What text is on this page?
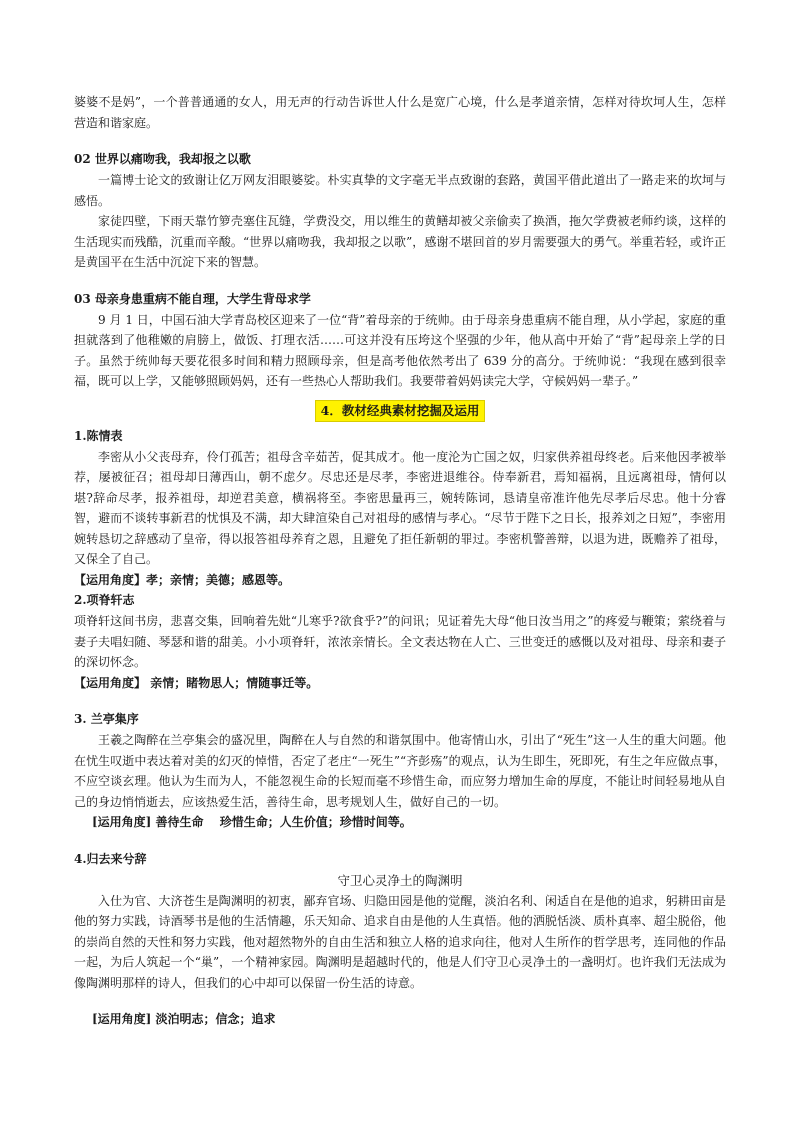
婆婆不是妈”，一个普普通通的女人，用无声的行动告诉世人什么是宽广心境，什么是孝道亲情，怎样对待坎坷人生，怎样营造和谐家庭。

02 世界以痛吻我，我却报之以歌

一篇博士论文的致谢让亿万网友泪眼婆娑。朴实真挚的文字毫无半点致谢的套路，黄国平借此道出了一路走来的坎坷与感悟。

家徒四壁，下雨天靠竹箩壳塞住瓦缝，学费没交，用以维生的黄鳝却被父亲偷卖了换酒，拖欠学费被老师约谈，这样的生活现实而残酷，沉重而辛酸。“世界以痛吻我，我却报之以歌”，感谢不堪回首的岁月需要强大的勇气。举重若轻，或许正是黄国平在生活中沉淀下来的智慧。

03 母亲身患重病不能自理，大学生背母求学

9 月 1 日，中国石油大学青岛校区迎来了一位“背”着母亲的于统帅。由于母亲身患重病不能自理，从小学起，家庭的重担就落到了他稚嫩的肩膀上，做饭、打理衣活……可这并没有压垮这个坚强的少年，他从高中开始了“背”起母亲上学的日子。虽然于统帅每天要花很多时间和精力照顾母亲，但是高考他依然考出了 639 分的高分。于统帅说：“我现在感到很幸福，既可以上学，又能够照顾妈妈，还有一些热心人帮助我们。我要带着妈妈读完大学，守候妈妈一辈子。”

4．教材经典素材挖掘及运用

1.陈情表

李密从小父丧母弃，伶仃孤苦；祖母含辛茹苦，促其成才。他一度沦为亡国之奴，归家供养祖母终老。后来他因孝被举荐，屡被征召；祖母却日薄西山，朝不虑夕。尽忠还是尽孝，李密进退维谷。侍奉新君，焉知福祸，且远离祖母，情何以堪?辞命尽孝，报养祖母，却逆君美意，横祸将至。李密思量再三，婉转陈词，恳请皇帝准许他先尽孝后尽忠。他十分睿智，避而不谈转事新君的忧惧及不满，却大肆渲染自己对祖母的感情与孝心。“尽节于陛下之日长，报养刘之日短”，李密用婉转恳切之辞感动了皇帝，得以报答祖母养育之恩，且避免了拒任新朝的罪过。李密机警善辩，以退为进，既赡养了祖母，又保全了自己。

【运用角度】孝；亲情；美德；感恩等。

2.项脊轩志

项脊轩这间书房，悲喜交集，回响着先妣“儿寒乎?欲食乎?”的问讯；见证着先大母“他日汝当用之”的疼爱与鞭策；萦绕着与妻子夫唱妇随、琴瑟和谐的甜美。小小项脊轩，浓浓亲情长。全文表达物在人亡、三世变迁的感慨以及对祖母、母亲和妻子的深切怀念。

【运用角度】 亲情；睹物思人；情随事迁等。

3. 兰亭集序

王羲之陶醉在兰亭集会的盛况里，陶醉在人与自然的和谐氛围中。他寄情山水，引出了“死生”这一人生的重大问题。他在忧生叹逝中表达着对美的幻灭的悼惜，否定了老庄“一死生”“齐彭殇”的观点，认为生即生，死即死，有生之年应做点事，不应空谈玄理。他认为生而为人，不能忽视生命的长短而毫不珍惜生命，而应努力增加生命的厚度，不能让时间轻易地从自己的身边悄悄逝去，应该热爱生活，善待生命，思考规划人生，做好自己的一切。

[运用角度] 善待生命　 珍惜生命；人生价值；珍惜时间等。

4.归去来兮辞

守卫心灵净土的陶渊明

入仕为官、大济苍生是陶渊明的初衷，鄙弃官场、归隐田园是他的觉醒，淡泊名利、闲适自在是他的追求，躬耕田亩是他的努力实践，诗酒琴书是他的生活情趣，乐天知命、追求自由是他的人生真悟。他的洒脱恬淡、质朴真率、超尘脱俗，他的崇尚自然的天性和努力实践，他对超然物外的自由生活和独立人格的追求向往，他对人生所作的哲学思考，连同他的作品一起，为后人筑起一个“巢”，一个精神家园。陶渊明是超越时代的，他是人们守卫心灵净土的一盏明灯。也许我们无法成为像陶渊明那样的诗人，但我们的心中却可以保留一份生活的诗意。

[运用角度] 淡泊明志；信念；追求
